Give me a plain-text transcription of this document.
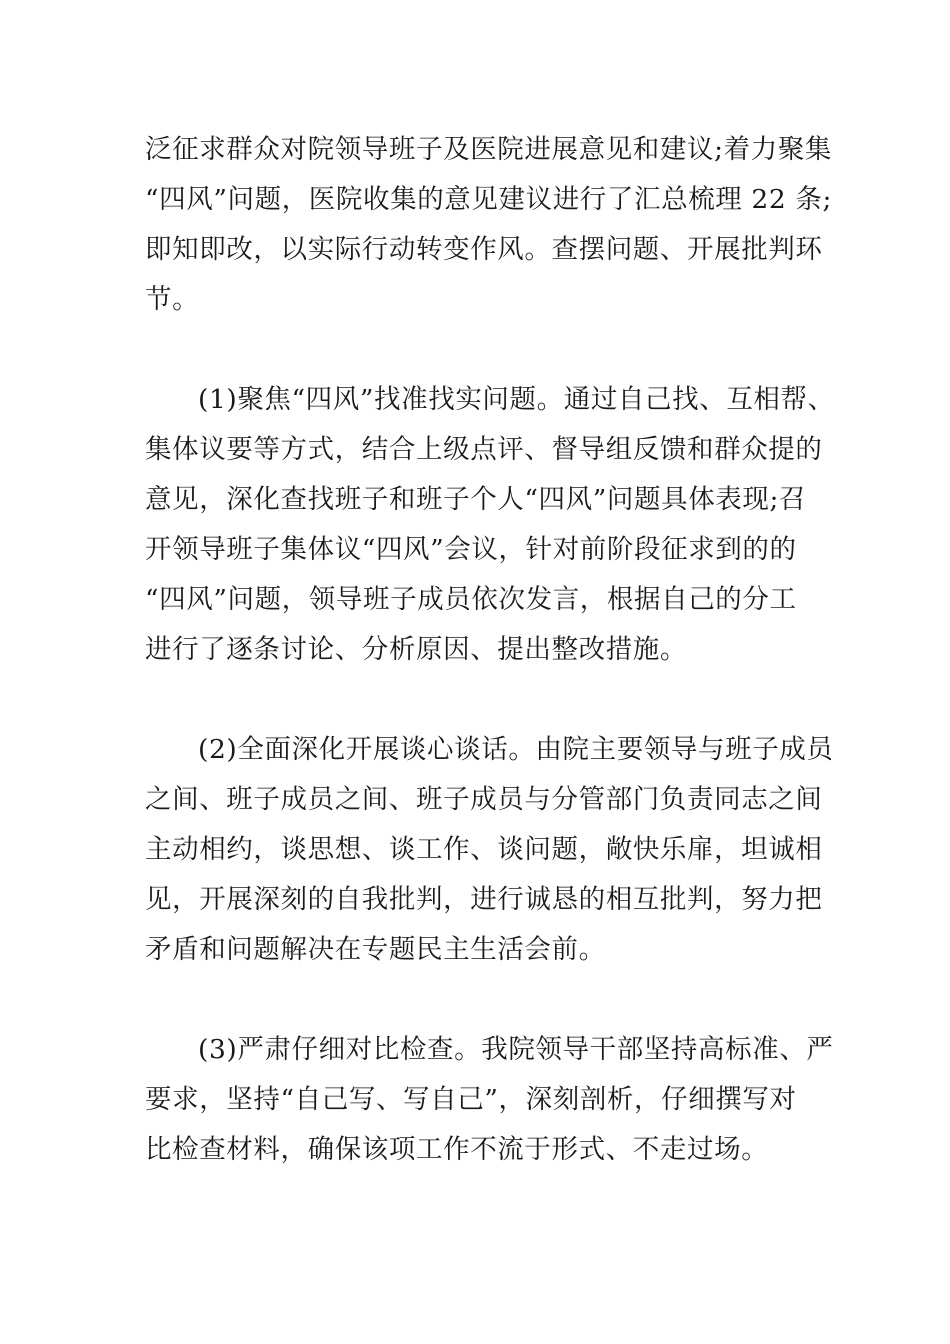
泛征求群众对院领导班子及医院进展意见和建议;着力聚集
“四风”问题，医院收集的意见建议进行了汇总梳理 22 条;
即知即改，以实际行动转变作风。查摆问题、开展批判环
节。
(1)聚焦“四风”找准找实问题。通过自己找、互相帮、
集体议要等方式，结合上级点评、督导组反馈和群众提的
意见，深化查找班子和班子个人“四风”问题具体表现;召
开领导班子集体议“四风”会议，针对前阶段征求到的的
“四风”问题，领导班子成员依次发言，根据自己的分工
进行了逐条讨论、分析原因、提出整改措施。
(2)全面深化开展谈心谈话。由院主要领导与班子成员
之间、班子成员之间、班子成员与分管部门负责同志之间
主动相约，谈思想、谈工作、谈问题，敞快乐扉，坦诚相
见，开展深刻的自我批判，进行诚恳的相互批判，努力把
矛盾和问题解决在专题民主生活会前。
(3)严肃仔细对比检查。我院领导干部坚持高标准、严
要求，坚持“自己写、写自己”，深刻剖析，仔细撰写对
比检查材料，确保该项工作不流于形式、不走过场。
